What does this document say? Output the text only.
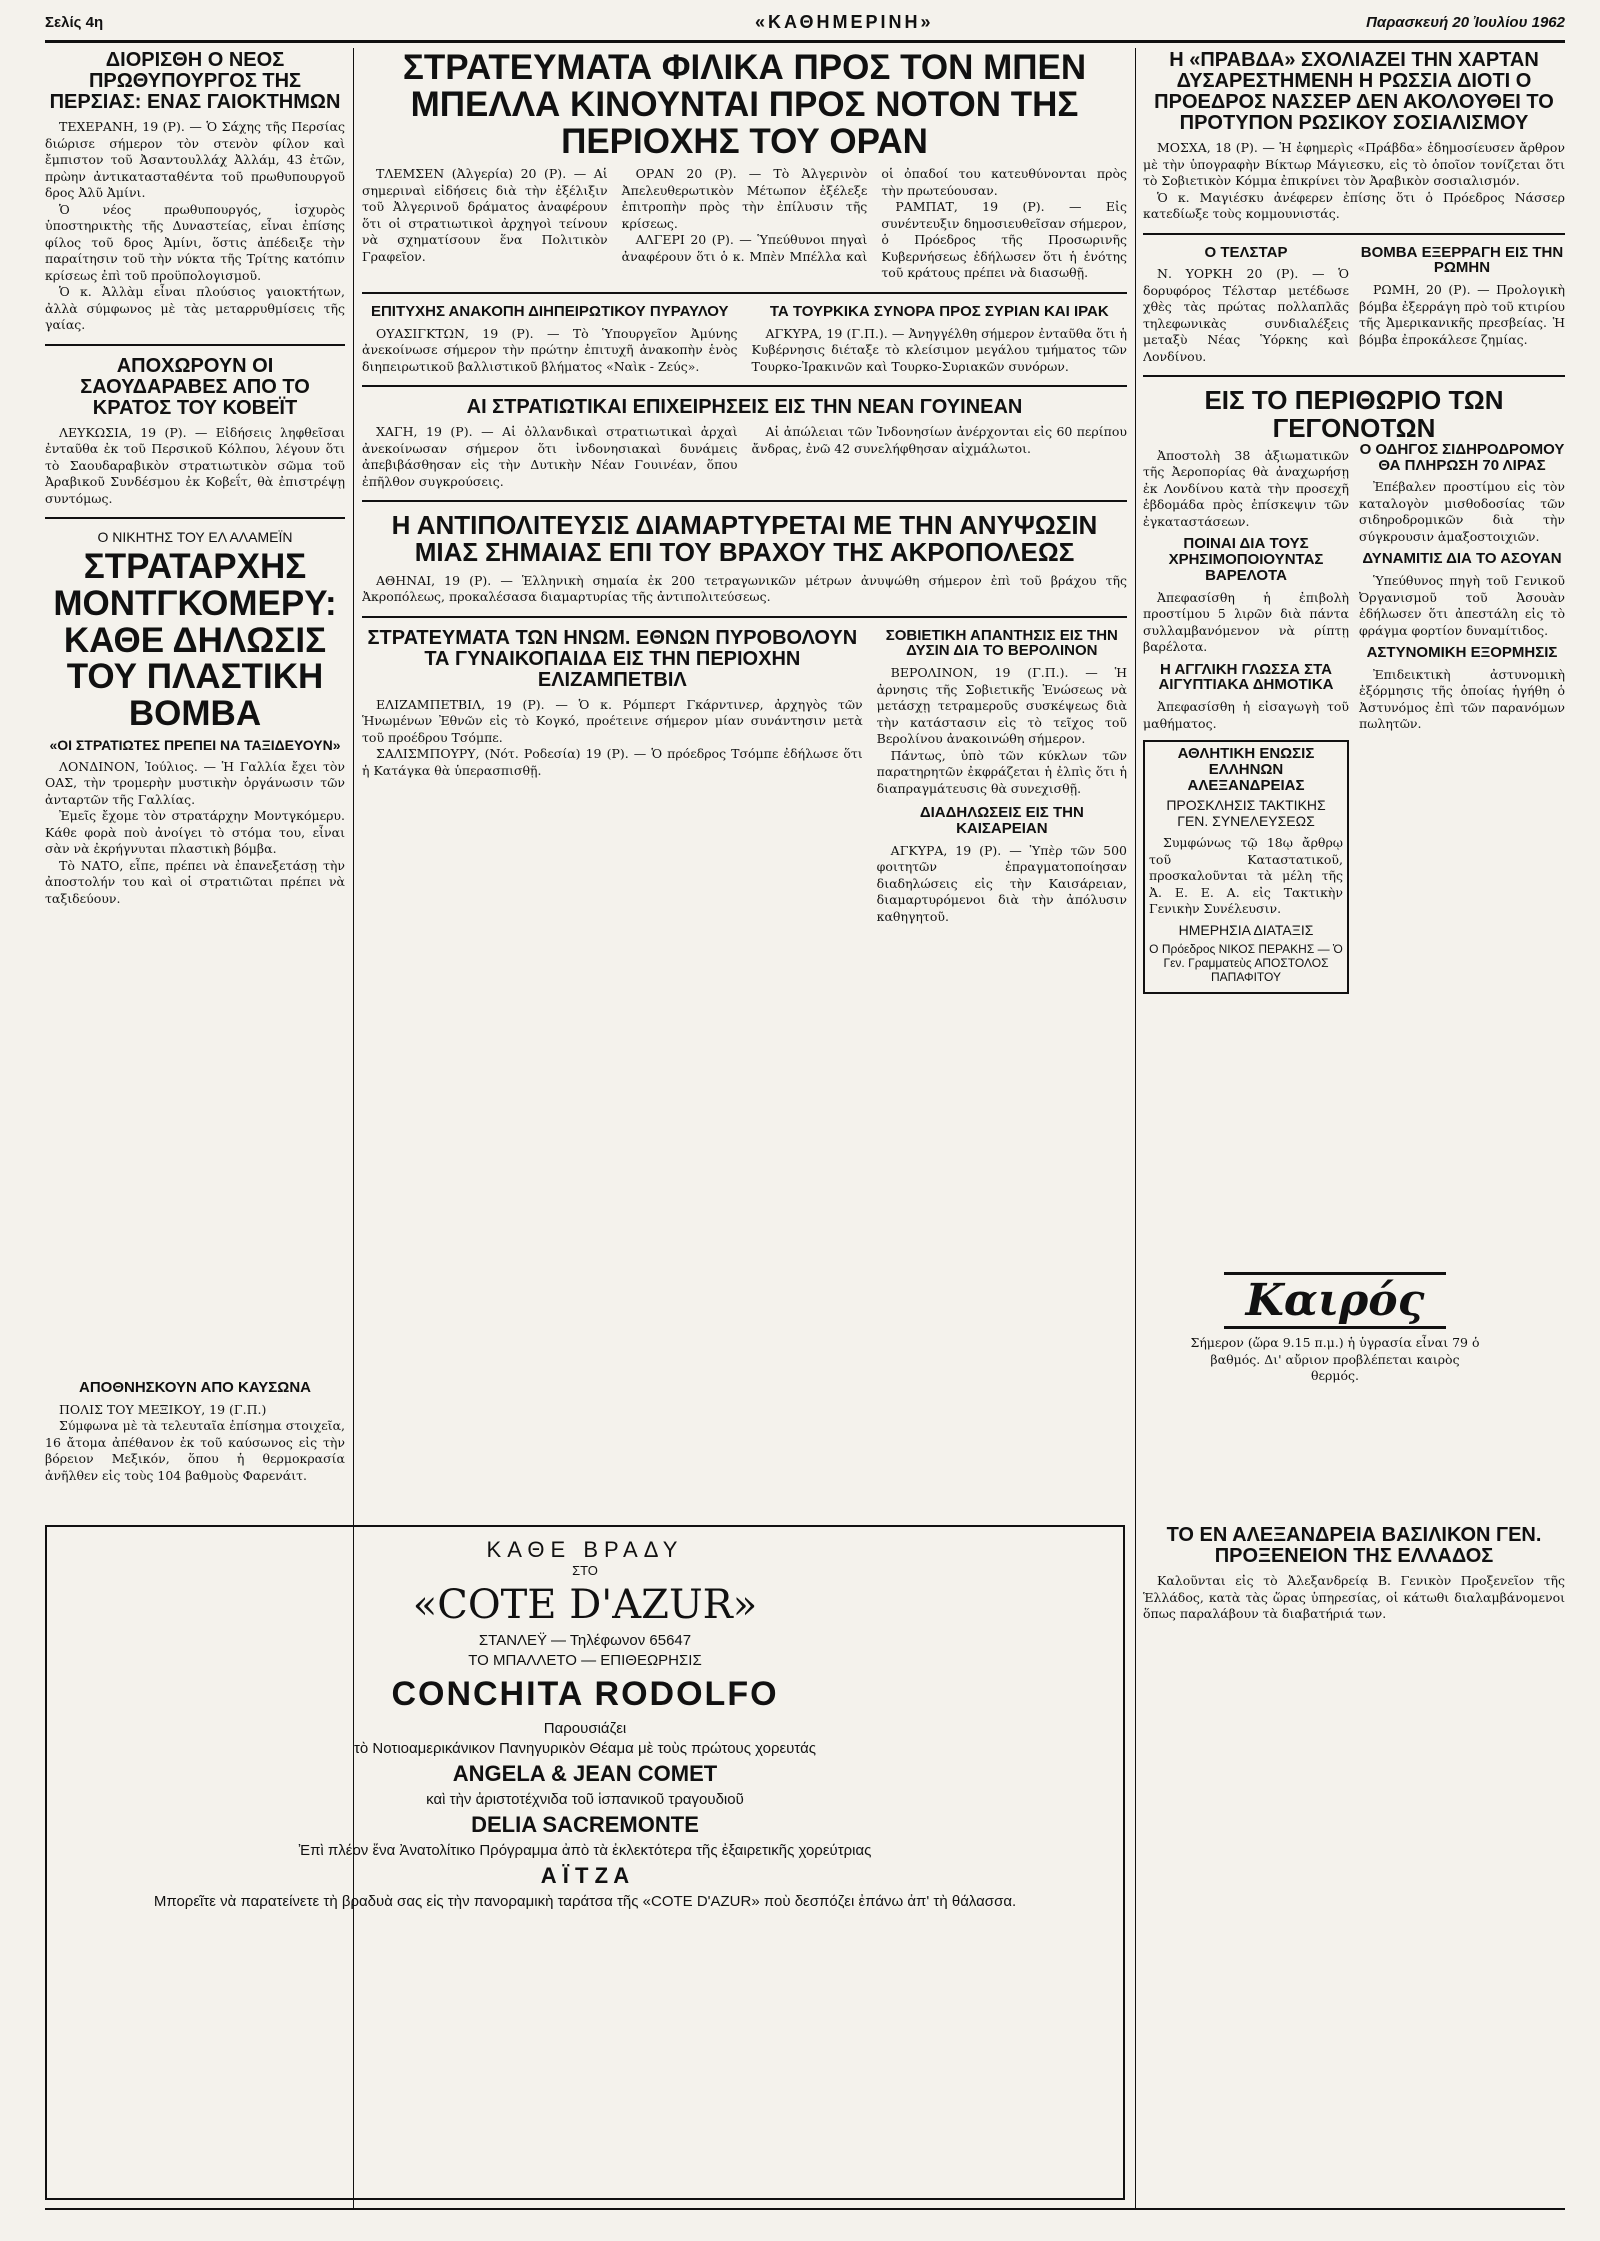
Σελίς 4η	«ΚΑΘΗΜΕΡΙΝΗ»	Παρασκευή 20 Ἰουλίου 1962
ΔΙΟΡΙΣΘΗ Ο ΝΕΟΣ ΠΡΩΘΥΠΟΥΡΓΟΣ ΤΗΣ ΠΕΡΣΙΑΣ: ΕΝΑΣ ΓΑΙΟΚΤΗΜΩΝ

ΤΕΧΕΡΑΝΗ, 19 (Ρ). — Ὁ Σάχης τῆς Περσίας διώρισε σήμερον τὸν στενὸν φίλον καὶ ἔμπιστον τοῦ Ἀσαντουλλάχ Ἀλλάμ, 43 ἐτῶν, πρὼην ἀντικατασταθέντα τοῦ πρωθυπουργοῦ δρος Ἀλῦ Ἀμίνι.

Ὁ νέος πρωθυπουργός, ἰσχυρὸς ὑποστηρικτὴς τῆς Δυναστείας, εἶναι ἐπίσης φίλος τοῦ δρος Ἀμίνι, ὅστις ἀπέδειξε τὴν παραίτησιν τοῦ τὴν νύκτα τῆς Τρίτης κατόπιν κρίσεως ἐπὶ τοῦ προϋπολογισμοῦ.

Ὁ κ. Ἀλλὰμ εἶναι πλούσιος γαιοκτήτων, ἀλλὰ σύμφωνος μὲ τὰς μεταρρυθμίσεις τῆς γαίας.

ΑΠΟΧΩΡΟΥΝ ΟΙ ΣΑΟΥΔΑΡΑΒΕΣ ΑΠΟ ΤΟ ΚΡΑΤΟΣ ΤΟΥ ΚΟΒΕΪΤ

ΛΕΥΚΩΣΙΑ, 19 (Ρ). — Εἰδήσεις ληφθεῖσαι ἐνταῦθα ἐκ τοῦ Περσικοῦ Κόλπου, λέγουν ὅτι τὸ Σαουδαραβικὸν στρατιωτικὸν σῶμα τοῦ Ἀραβικοῦ Συνδέσμου ἐκ Κοβεΐτ, θὰ ἐπιστρέψῃ συντόμως.

Ο ΝΙΚΗΤΗΣ ΤΟΥ ΕΛ ΑΛΑΜΕΪΝ
ΣΤΡΑΤΑΡΧΗΣ ΜΟΝΤΓΚΟΜΕΡΥ: ΚΑΘΕ ΔΗΛΩΣΙΣ ΤΟΥ ΠΛΑΣΤΙΚΗ ΒΟΜΒΑ
«ΟΙ ΣΤΡΑΤΙΩΤΕΣ ΠΡΕΠΕΙ ΝΑ ΤΑΞΙΔΕΥΟΥΝ»

ΛΟΝΔΙΝΟΝ, Ἰούλιος. — Ἡ Γαλλία ἔχει τὸν ΟΑΣ, τὴν τρομερὴν μυστικὴν ὀργάνωσιν τῶν ἀνταρτῶν τῆς Γαλλίας.

Ἐμεῖς ἔχομε τὸν στρατάρχην Μοντγκόμερυ. Κάθε φορὰ ποὺ ἀνοίγει τὸ στόμα του, εἶναι σὰν νὰ ἐκρήγνυται πλαστικὴ βόμβα.

Τὸ ΝΑΤΟ, εἶπε, πρέπει νὰ ἐπανεξετάσῃ τὴν ἀποστολήν του καὶ οἱ στρατιῶται πρέπει νὰ ταξιδεύουν.

ΚΑΘΕ ΒΡΑΔΥ
ΣΤΟ
«COTE D'AZUR»
ΣΤΑΝΛΕΫ — Τηλέφωνον 65647
ΤΟ ΜΠΑΛΛΕΤΟ — ΕΠΙΘΕΩΡΗΣΙΣ
CONCHITA RODOLFO
Παρουσιάζει
τὸ Νοτιοαμερικάνικον Πανηγυρικὸν Θέαμα μὲ τοὺς πρώτους χορευτάς
ANGELA & JEAN COMET
καὶ τὴν ἀριστοτέχνιδα τοῦ ἱσπανικοῦ τραγουδιοῦ
DELIA SACREMONTE
Ἐπὶ πλέον ἕνα Ἀνατολίτικο Πρόγραμμα ἀπὸ τὰ ἐκλεκτότερα τῆς ἐξαιρετικῆς χορεύτριας
Α Ϊ Τ Ζ Α
Μπορεῖτε νὰ παρατείνετε τὴ βραδυὰ σας εἰς τὴν πανοραμικὴ ταράτσα τῆς «COTE D'AZUR» ποὺ δεσπόζει ἐπάνω ἀπ' τὴ θάλασσα.
ΣΤΡΑΤΕΥΜΑΤΑ ΦΙΛΙΚΑ ΠΡΟΣ ΤΟΝ ΜΠΕΝ ΜΠΕΛΛΑ ΚΙΝΟΥΝΤΑΙ ΠΡΟΣ ΝΟΤΟΝ ΤΗΣ ΠΕΡΙΟΧΗΣ ΤΟΥ ΟΡΑΝ

ΤΛΕΜΣΕΝ (Ἀλγερία) 20 (Ρ). — Αἱ σημεριναὶ εἰδήσεις διὰ τὴν ἐξέλιξιν τοῦ Ἀλγερινοῦ δράματος ἀναφέρουν ὅτι οἱ στρατιωτικοὶ ἀρχηγοὶ τείνουν νὰ σχηματίσουν ἕνα Πολιτικὸν Γραφεῖον.

ΟΡΑΝ 20 (Ρ). — Τὸ Ἀλγερινὸν Ἀπελευθερωτικὸν Μέτωπον ἐξέλεξε ἐπιτροπὴν πρὸς τὴν ἐπίλυσιν τῆς κρίσεως.

ΑΛΓΕΡΙ 20 (Ρ). — Ὑπεύθυνοι πηγαὶ ἀναφέρουν ὅτι ὁ κ. Μπὲν Μπέλλα καὶ οἱ ὀπαδοί του κατευθύνονται πρὸς τὴν πρωτεύουσαν.

ΡΑΜΠΑΤ, 19 (Ρ). — Εἰς συνέντευξιν δημοσιευθεῖσαν σήμερον, ὁ Πρόεδρος τῆς Προσωρινῆς Κυβερνήσεως ἐδήλωσεν ὅτι ἡ ἑνότης τοῦ κράτους πρέπει νὰ διασωθῇ.

ΕΠΙΤΥΧΗΣ ΑΝΑΚΟΠΗ ΔΙΗΠΕΙΡΩΤΙΚΟΥ ΠΥΡΑΥΛΟΥ

ΟΥΑΣΙΓΚΤΩΝ, 19 (Ρ). — Τὸ Ὑπουργεῖον Ἀμύνης ἀνεκοίνωσε σήμερον τὴν πρώτην ἐπιτυχῆ ἀνακοπὴν ἑνὸς διηπειρωτικοῦ βαλλιστικοῦ βλήματος «Ναὶκ - Ζεύς».

ΤΑ ΤΟΥΡΚΙΚΑ ΣΥΝΟΡΑ ΠΡΟΣ ΣΥΡΙΑΝ ΚΑΙ ΙΡΑΚ

ΑΓΚΥΡΑ, 19 (Γ.Π.). — Ἀνηγγέλθη σήμερον ἐνταῦθα ὅτι ἡ Κυβέρνησις διέταξε τὸ κλείσιμον μεγάλου τμήματος τῶν Τουρκο-Ἰρακινῶν καὶ Τουρκο-Συριακῶν συνόρων.

ΑΙ ΣΤΡΑΤΙΩΤΙΚΑΙ ΕΠΙΧΕΙΡΗΣΕΙΣ ΕΙΣ ΤΗΝ ΝΕΑΝ ΓΟΥΙΝΕΑΝ

ΧΑΓΗ, 19 (Ρ). — Αἱ ὀλλανδικαὶ στρατιωτικαὶ ἀρχαὶ ἀνεκοίνωσαν σήμερον ὅτι ἰνδονησιακαὶ δυνάμεις ἀπεβιβάσθησαν εἰς τὴν Δυτικὴν Νέαν Γουινέαν, ὅπου ἐπῆλθον συγκρούσεις.

Αἱ ἀπώλειαι τῶν Ἰνδονησίων ἀνέρχονται εἰς 60 περίπου ἄνδρας, ἐνῶ 42 συνελήφθησαν αἰχμάλωτοι.

Η ΑΝΤΙΠΟΛΙΤΕΥΣΙΣ ΔΙΑΜΑΡΤΥΡΕΤΑΙ ΜΕ ΤΗΝ ΑΝΥΨΩΣΙΝ ΜΙΑΣ ΣΗΜΑΙΑΣ ΕΠΙ ΤΟΥ ΒΡΑΧΟΥ ΤΗΣ ΑΚΡΟΠΟΛΕΩΣ

ΑΘΗΝΑΙ, 19 (Ρ). — Ἑλληνικὴ σημαία ἐκ 200 τετραγωνικῶν μέτρων ἀνυψώθη σήμερον ἐπὶ τοῦ βράχου τῆς Ἀκροπόλεως, προκαλέσασα διαμαρτυρίας τῆς ἀντιπολιτεύσεως.

ΣΤΡΑΤΕΥΜΑΤΑ ΤΩΝ ΗΝΩΜ. ΕΘΝΩΝ ΠΥΡΟΒΟΛΟΥΝ ΤΑ ΓΥΝΑΙΚΟΠΑΙΔΑ ΕΙΣ ΤΗΝ ΠΕΡΙΟΧΗΝ ΕΛΙΖΑΜΠΕΤΒΙΛ

ΕΛΙΖΑΜΠΕΤΒΙΛ, 19 (Ρ). — Ὁ κ. Ρόμπερτ Γκάρντινερ, ἀρχηγὸς τῶν Ἡνωμένων Ἐθνῶν εἰς τὸ Κογκό, προέτεινε σήμερον μίαν συνάντησιν μετὰ τοῦ προέδρου Τσόμπε.

ΣΑΛΙΣΜΠΟΥΡΥ, (Νότ. Ροδεσία) 19 (Ρ). — Ὁ πρόεδρος Τσόμπε ἐδήλωσε ὅτι ἡ Κατάγκα θὰ ὑπερασπισθῇ.

ΣΟΒΙΕΤΙΚΗ ΑΠΑΝΤΗΣΙΣ ΕΙΣ ΤΗΝ ΔΥΣΙΝ ΔΙΑ ΤΟ ΒΕΡΟΛΙΝΟΝ

ΒΕΡΟΛΙΝΟΝ, 19 (Γ.Π.). — Ἡ ἀρνησις τῆς Σοβιετικῆς Ἑνώσεως νὰ μετάσχῃ τετραμεροῦς συσκέψεως διὰ τὴν κατάστασιν εἰς τὸ τεῖχος τοῦ Βερολίνου ἀνακοινώθη σήμερον.

Πάντως, ὑπὸ τῶν κύκλων τῶν παρατηρητῶν ἐκφράζεται ἡ ἐλπὶς ὅτι ἡ διαπραγμάτευσις θὰ συνεχισθῇ.

ΔΙΑΔΗΛΩΣΕΙΣ ΕΙΣ ΤΗΝ ΚΑΙΣΑΡΕΙΑΝ

ΑΓΚΥΡΑ, 19 (Ρ). — Ὑπὲρ τῶν 500 φοιτητῶν ἐπραγματοποίησαν διαδηλώσεις εἰς τὴν Καισάρειαν, διαμαρτυρόμενοι διὰ τὴν ἀπόλυσιν καθηγητοῦ.

ΑΠΟΘΝΗΣΚΟΥΝ ΑΠΟ ΚΑΥΣΩΝΑ

ΠΟΛΙΣ ΤΟΥ ΜΕΞΙΚΟΥ, 19 (Γ.Π.)

Σύμφωνα μὲ τὰ τελευταῖα ἐπίσημα στοιχεῖα, 16 ἄτομα ἀπέθανον ἐκ τοῦ καύσωνος εἰς τὴν βόρειον Μεξικόν, ὅπου ἡ θερμοκρασία ἀνῆλθεν εἰς τοὺς 104 βαθμοὺς Φαρενάιτ.

Η «ΠΡΑΒΔΑ» ΣΧΟΛΙΑΖΕΙ ΤΗΝ ΧΑΡΤΑΝ ΔΥΣΑΡΕΣΤΗΜΕΝΗ Η ΡΩΣΣΙΑ ΔΙΟΤΙ Ο ΠΡΟΕΔΡΟΣ ΝΑΣΣΕΡ ΔΕΝ ΑΚΟΛΟΥΘΕΙ ΤΟ ΠΡΟΤΥΠΟΝ ΡΩΣΙΚΟΥ ΣΟΣΙΑΛΙΣΜΟΥ

ΜΟΣΧΑ, 18 (Ρ). — Ἡ ἐφημερὶς «Πράβδα» ἐδημοσίευσεν ἄρθρον μὲ τὴν ὑπογραφὴν Βίκτωρ Μάγιεσκυ, εἰς τὸ ὁποῖον τονίζεται ὅτι τὸ Σοβιετικὸν Κόμμα ἐπικρίνει τὸν Ἀραβικὸν σοσιαλισμόν.

Ὁ κ. Μαγιέσκυ ἀνέφερεν ἐπίσης ὅτι ὁ Πρόεδρος Νάσσερ κατεδίωξε τοὺς κομμουνιστάς.

Ο ΤΕΛΣΤΑΡ

Ν. ΥΟΡΚΗ 20 (Ρ). — Ὁ δορυφόρος Τέλσταρ μετέδωσε χθὲς τὰς πρώτας πολλαπλᾶς τηλεφωνικὰς συνδιαλέξεις μεταξὺ Νέας Ὑόρκης καὶ Λονδίνου.

ΒΟΜΒΑ ΕΞΕΡΡΑΓΗ ΕΙΣ ΤΗΝ ΡΩΜΗΝ

ΡΩΜΗ, 20 (Ρ). — Προλογικὴ βόμβα ἐξερράγη πρὸ τοῦ κτιρίου τῆς Ἀμερικανικῆς πρεσβείας. Ἡ βόμβα ἐπροκάλεσε ζημίας.

ΕΙΣ ΤΟ ΠΕΡΙΘΩΡΙΟ ΤΩΝ ΓΕΓΟΝΟΤΩΝ

Ἀποστολὴ 38 ἀξιωματικῶν τῆς Ἀεροπορίας θὰ ἀναχωρήσῃ ἐκ Λονδίνου κατὰ τὴν προσεχῆ ἑβδομάδα πρὸς ἐπίσκεψιν τῶν ἐγκαταστάσεων.

ΠΟΙΝΑΙ ΔΙΑ ΤΟΥΣ ΧΡΗΣΙΜΟΠΟΙΟΥΝΤΑΣ ΒΑΡΕΛΟΤΑ

Ἀπεφασίσθη ἡ ἐπιβολὴ προστίμου 5 λιρῶν διὰ πάντα συλλαμβανόμενον νὰ ρίπτῃ βαρέλοτα.

Η ΑΓΓΛΙΚΗ ΓΛΩΣΣΑ ΣΤΑ ΑΙΓΥΠΤΙΑΚΑ ΔΗΜΟΤΙΚΑ

Ἀπεφασίσθη ἡ εἰσαγωγὴ τοῦ μαθήματος.

ΑΘΛΗΤΙΚΗ ΕΝΩΣΙΣ ΕΛΛΗΝΩΝ ΑΛΕΞΑΝΔΡΕΙΑΣ
ΠΡΟΣΚΛΗΣΙΣ ΤΑΚΤΙΚΗΣ ΓΕΝ. ΣΥΝΕΛΕΥΣΕΩΣ

Συμφώνως τῷ 18ῳ ἄρθρῳ τοῦ Καταστατικοῦ, προσκαλοῦνται τὰ μέλη τῆς Ἀ. Ε. Ε. Α. εἰς Τακτικὴν Γενικὴν Συνέλευσιν.

ΗΜΕΡΗΣΙΑ ΔΙΑΤΑΞΙΣ
Ο Πρόεδρος ΝΙΚΟΣ ΠΕΡΑΚΗΣ — Ὁ Γεν. Γραμματεὺς ΑΠΟΣΤΟΛΟΣ ΠΑΠΑΦΙΤΟΥ
Ο ΟΔΗΓΟΣ ΣΙΔΗΡΟΔΡΟΜΟΥ ΘΑ ΠΛΗΡΩΣΗ 70 ΛΙΡΑΣ

Ἐπέβαλεν προστίμου εἰς τὸν καταλογὸν μισθοδοσίας τῶν σιδηροδρομικῶν διὰ τὴν σύγκρουσιν ἁμαξοστοιχιῶν.

ΔΥΝΑΜΙΤΙΣ ΔΙΑ ΤΟ ΑΣΟΥΑΝ

Ὑπεύθυνος πηγὴ τοῦ Γενικοῦ Ὀργανισμοῦ τοῦ Ἀσουὰν ἐδήλωσεν ὅτι ἀπεστάλη εἰς τὸ φράγμα φορτίον δυναμίτιδος.

ΑΣΤΥΝΟΜΙΚΗ ΕΞΟΡΜΗΣΙΣ

Ἐπιδεικτικὴ ἀστυνομικὴ ἐξόρμησις τῆς ὁποίας ἡγήθη ὁ Ἀστυνόμος ἐπὶ τῶν παρανόμων πωλητῶν.

Καιρός
Σήμερον (ὥρα 9.15 π.μ.) ἡ ὑγρασία εἶναι 79 ὁ βαθμός. Δι' αὔριον προβλέπεται καιρὸς θερμός.
ΤΟ ΕΝ ΑΛΕΞΑΝΔΡΕΙΑ ΒΑΣΙΛΙΚΟΝ ΓΕΝ. ΠΡΟΞΕΝΕΙΟΝ ΤΗΣ ΕΛΛΑΔΟΣ

Καλοῦνται εἰς τὸ Ἀλεξανδρείᾳ Β. Γενικὸν Προξενεῖον τῆς Ἑλλάδος, κατὰ τὰς ὥρας ὑπηρεσίας, οἱ κάτωθι διαλαμβάνομενοι ὅπως παραλάβουν τὰ διαβατήριά των.
